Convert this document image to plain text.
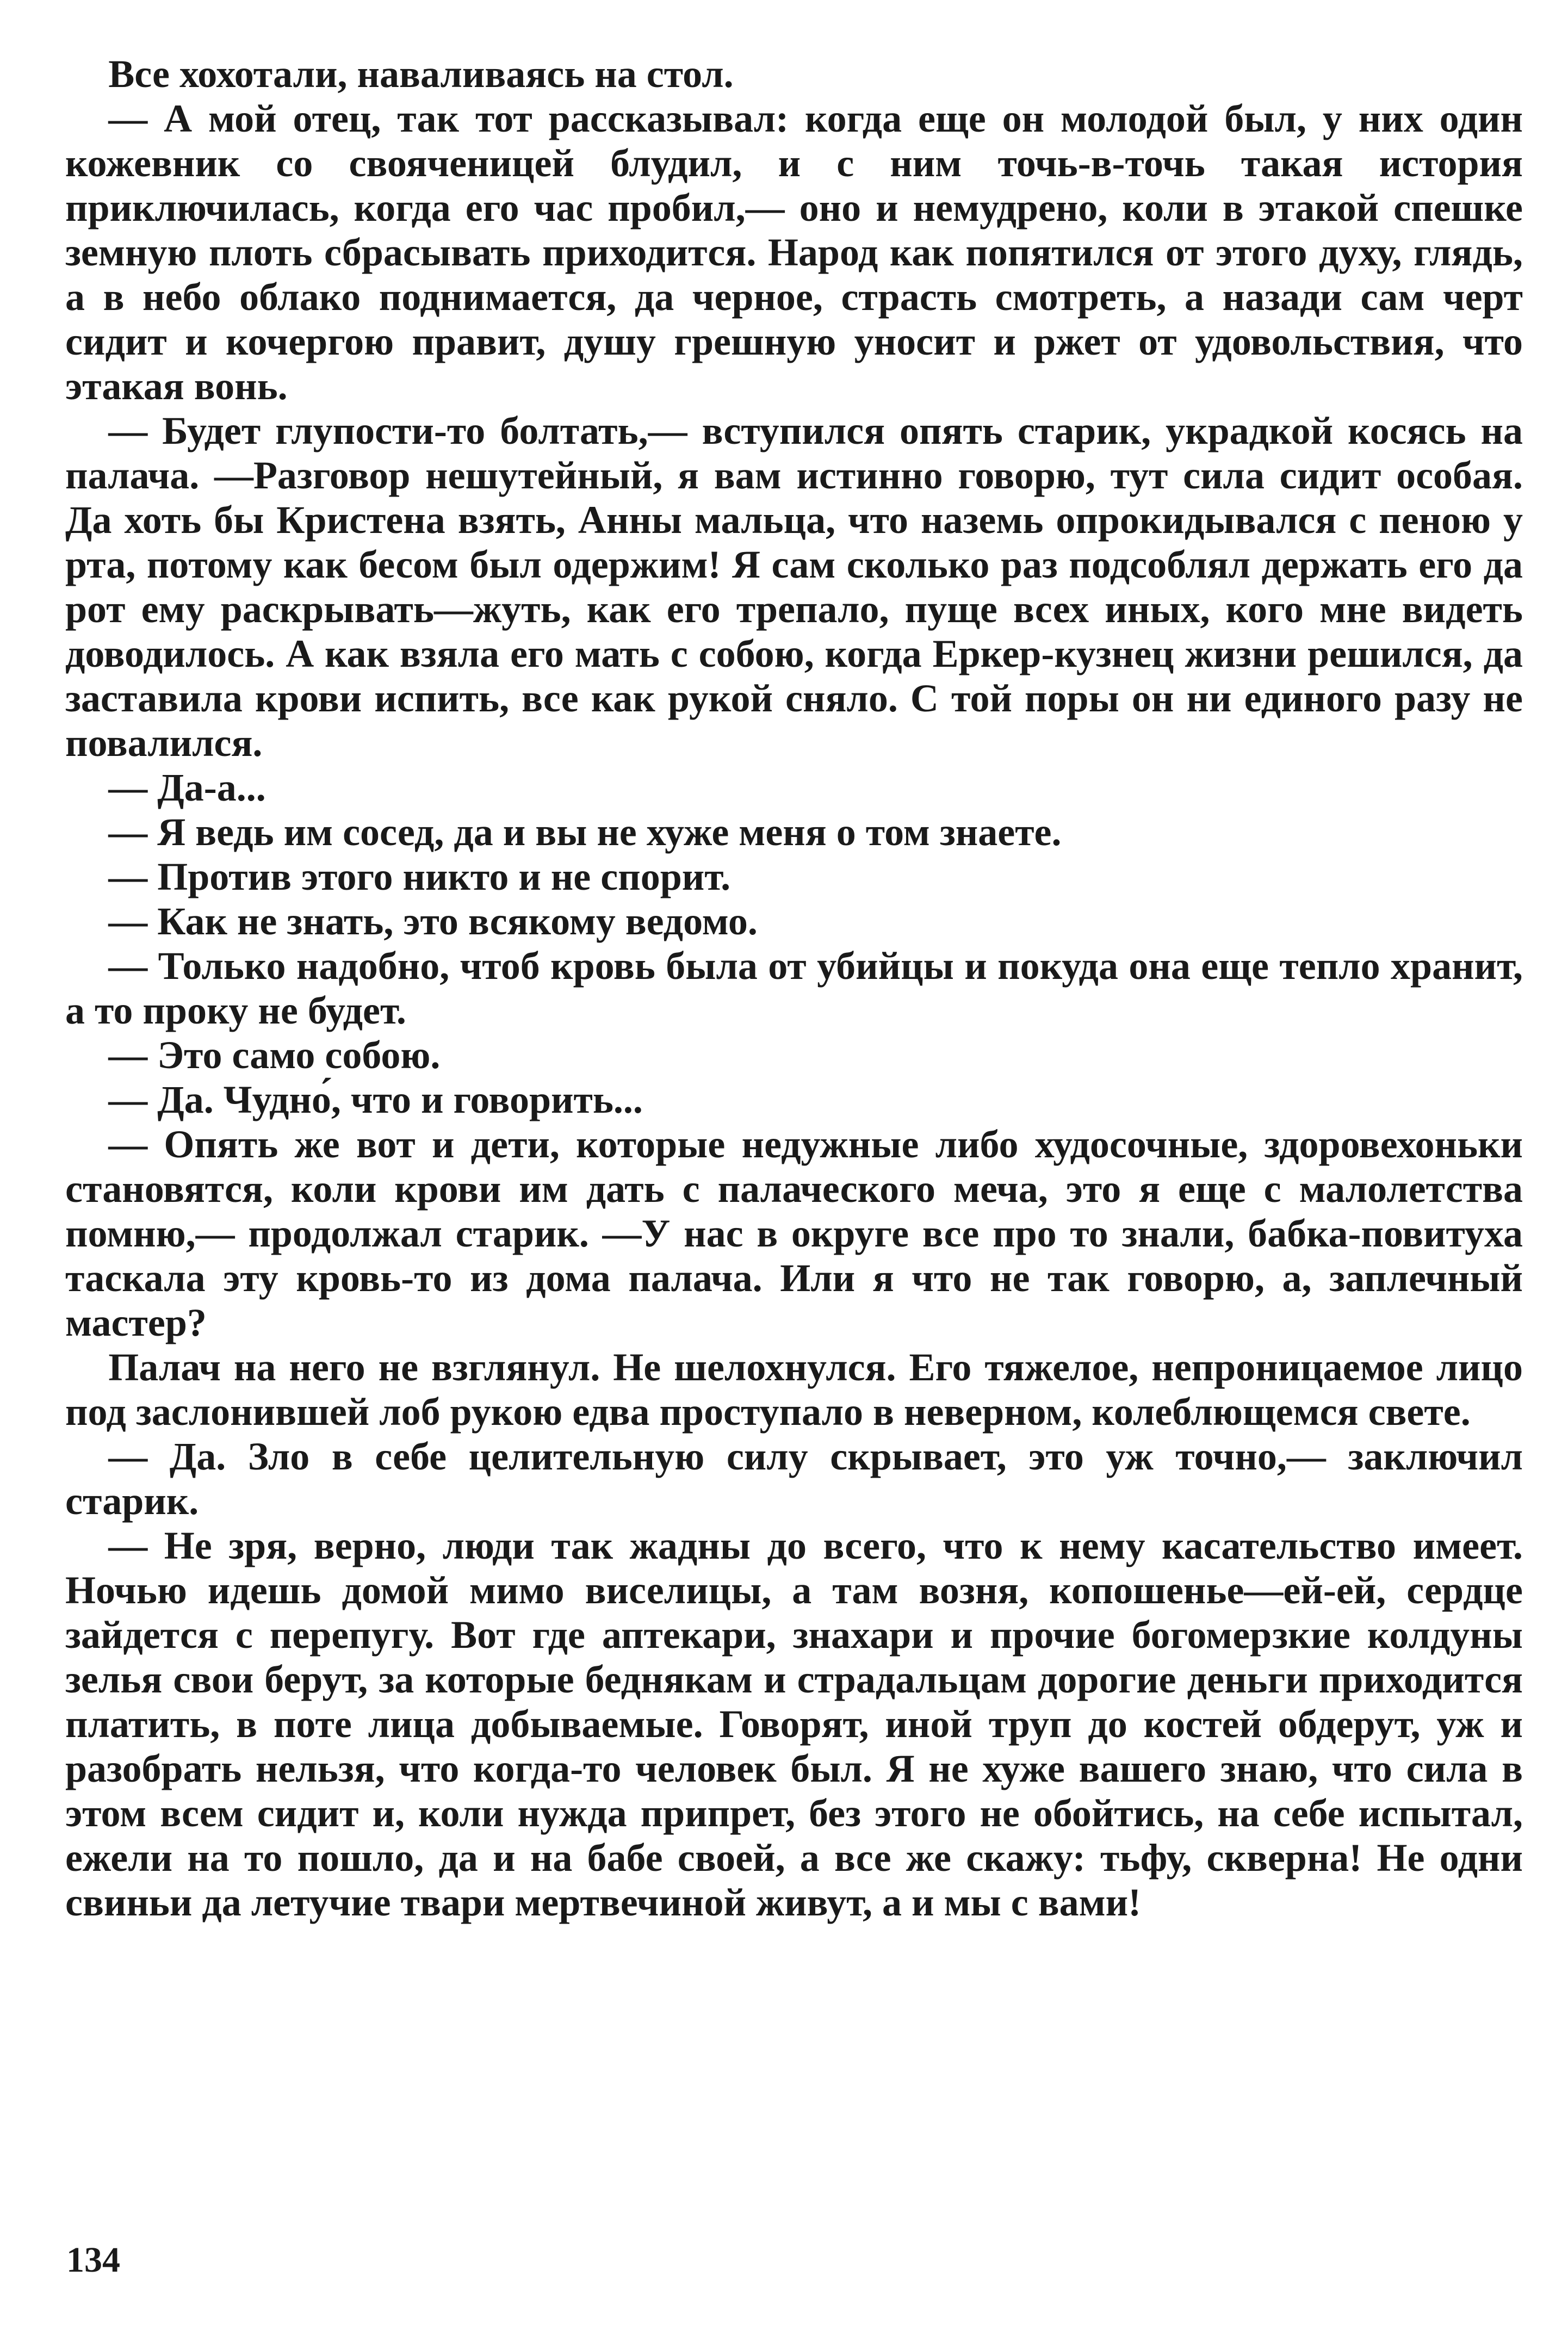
Все хохотали, наваливаясь на стол.

— А мой отец, так тот рассказывал: когда еще он молодой был, у них один кожевник со свояченицей блудил, и с ним точь-в-точь такая история приключилась, когда его час пробил,— оно и немудрено, коли в этакой спешке земную плоть сбрасывать приходится. Народ как попятился от этого духу, глядь, а в небо облако поднимается, да черное, страсть смотреть, а назади сам черт сидит и кочергою правит, душу грешную уносит и ржет от удовольствия, что этакая вонь.

— Будет глупости-то болтать,— вступился опять старик, украдкой косясь на палача. —Разговор нешутейный, я вам истинно говорю, тут сила сидит особая. Да хоть бы Кристена взять, Анны мальца, что наземь опрокидывался с пеною у рта, потому как бесом был одержим! Я сам сколько раз подсоблял держать его да рот ему раскрывать—жуть, как его трепало, пуще всех иных, кого мне видеть доводилось. А как взяла его мать с собою, когда Еркер-кузнец жизни решился, да заставила крови испить, все как рукой сняло. С той поры он ни единого разу не повалился.

— Да-а...

— Я ведь им сосед, да и вы не хуже меня о том знаете.

— Против этого никто и не спорит.

— Как не знать, это всякому ведомо.

— Только надобно, чтоб кровь была от убийцы и покуда она еще тепло хранит, а то проку не будет.

— Это само собою.

— Да. Чудно́, что и говорить...

— Опять же вот и дети, которые недужные либо худосочные, здоровехоньки становятся, коли крови им дать с палаческого меча, это я еще с малолетства помню,— продолжал старик. —У нас в округе все про то знали, бабка-повитуха таскала эту кровь-то из дома палача. Или я что не так говорю, а, заплечный мастер?

Палач на него не взглянул. Не шелохнулся. Его тяжелое, непроницаемое лицо под заслонившей лоб рукою едва проступало в неверном, колеблющемся свете.

— Да. Зло в себе целительную силу скрывает, это уж точно,— заключил старик.

— Не зря, верно, люди так жадны до всего, что к нему касательство имеет. Ночью идешь домой мимо виселицы, а там возня, копошенье—ей-ей, сердце зайдется с перепугу. Вот где аптекари, знахари и прочие богомерзкие колдуны зелья свои берут, за которые беднякам и страдальцам дорогие деньги приходится платить, в поте лица добываемые. Говорят, иной труп до костей обдерут, уж и разобрать нельзя, что когда-то человек был. Я не хуже вашего знаю, что сила в этом всем сидит и, коли нужда припрет, без этого не обойтись, на себе испытал, ежели на то пошло, да и на бабе своей, а все же скажу: тьфу, скверна! Не одни свиньи да летучие твари мертвечиной живут, а и мы с вами!

134
